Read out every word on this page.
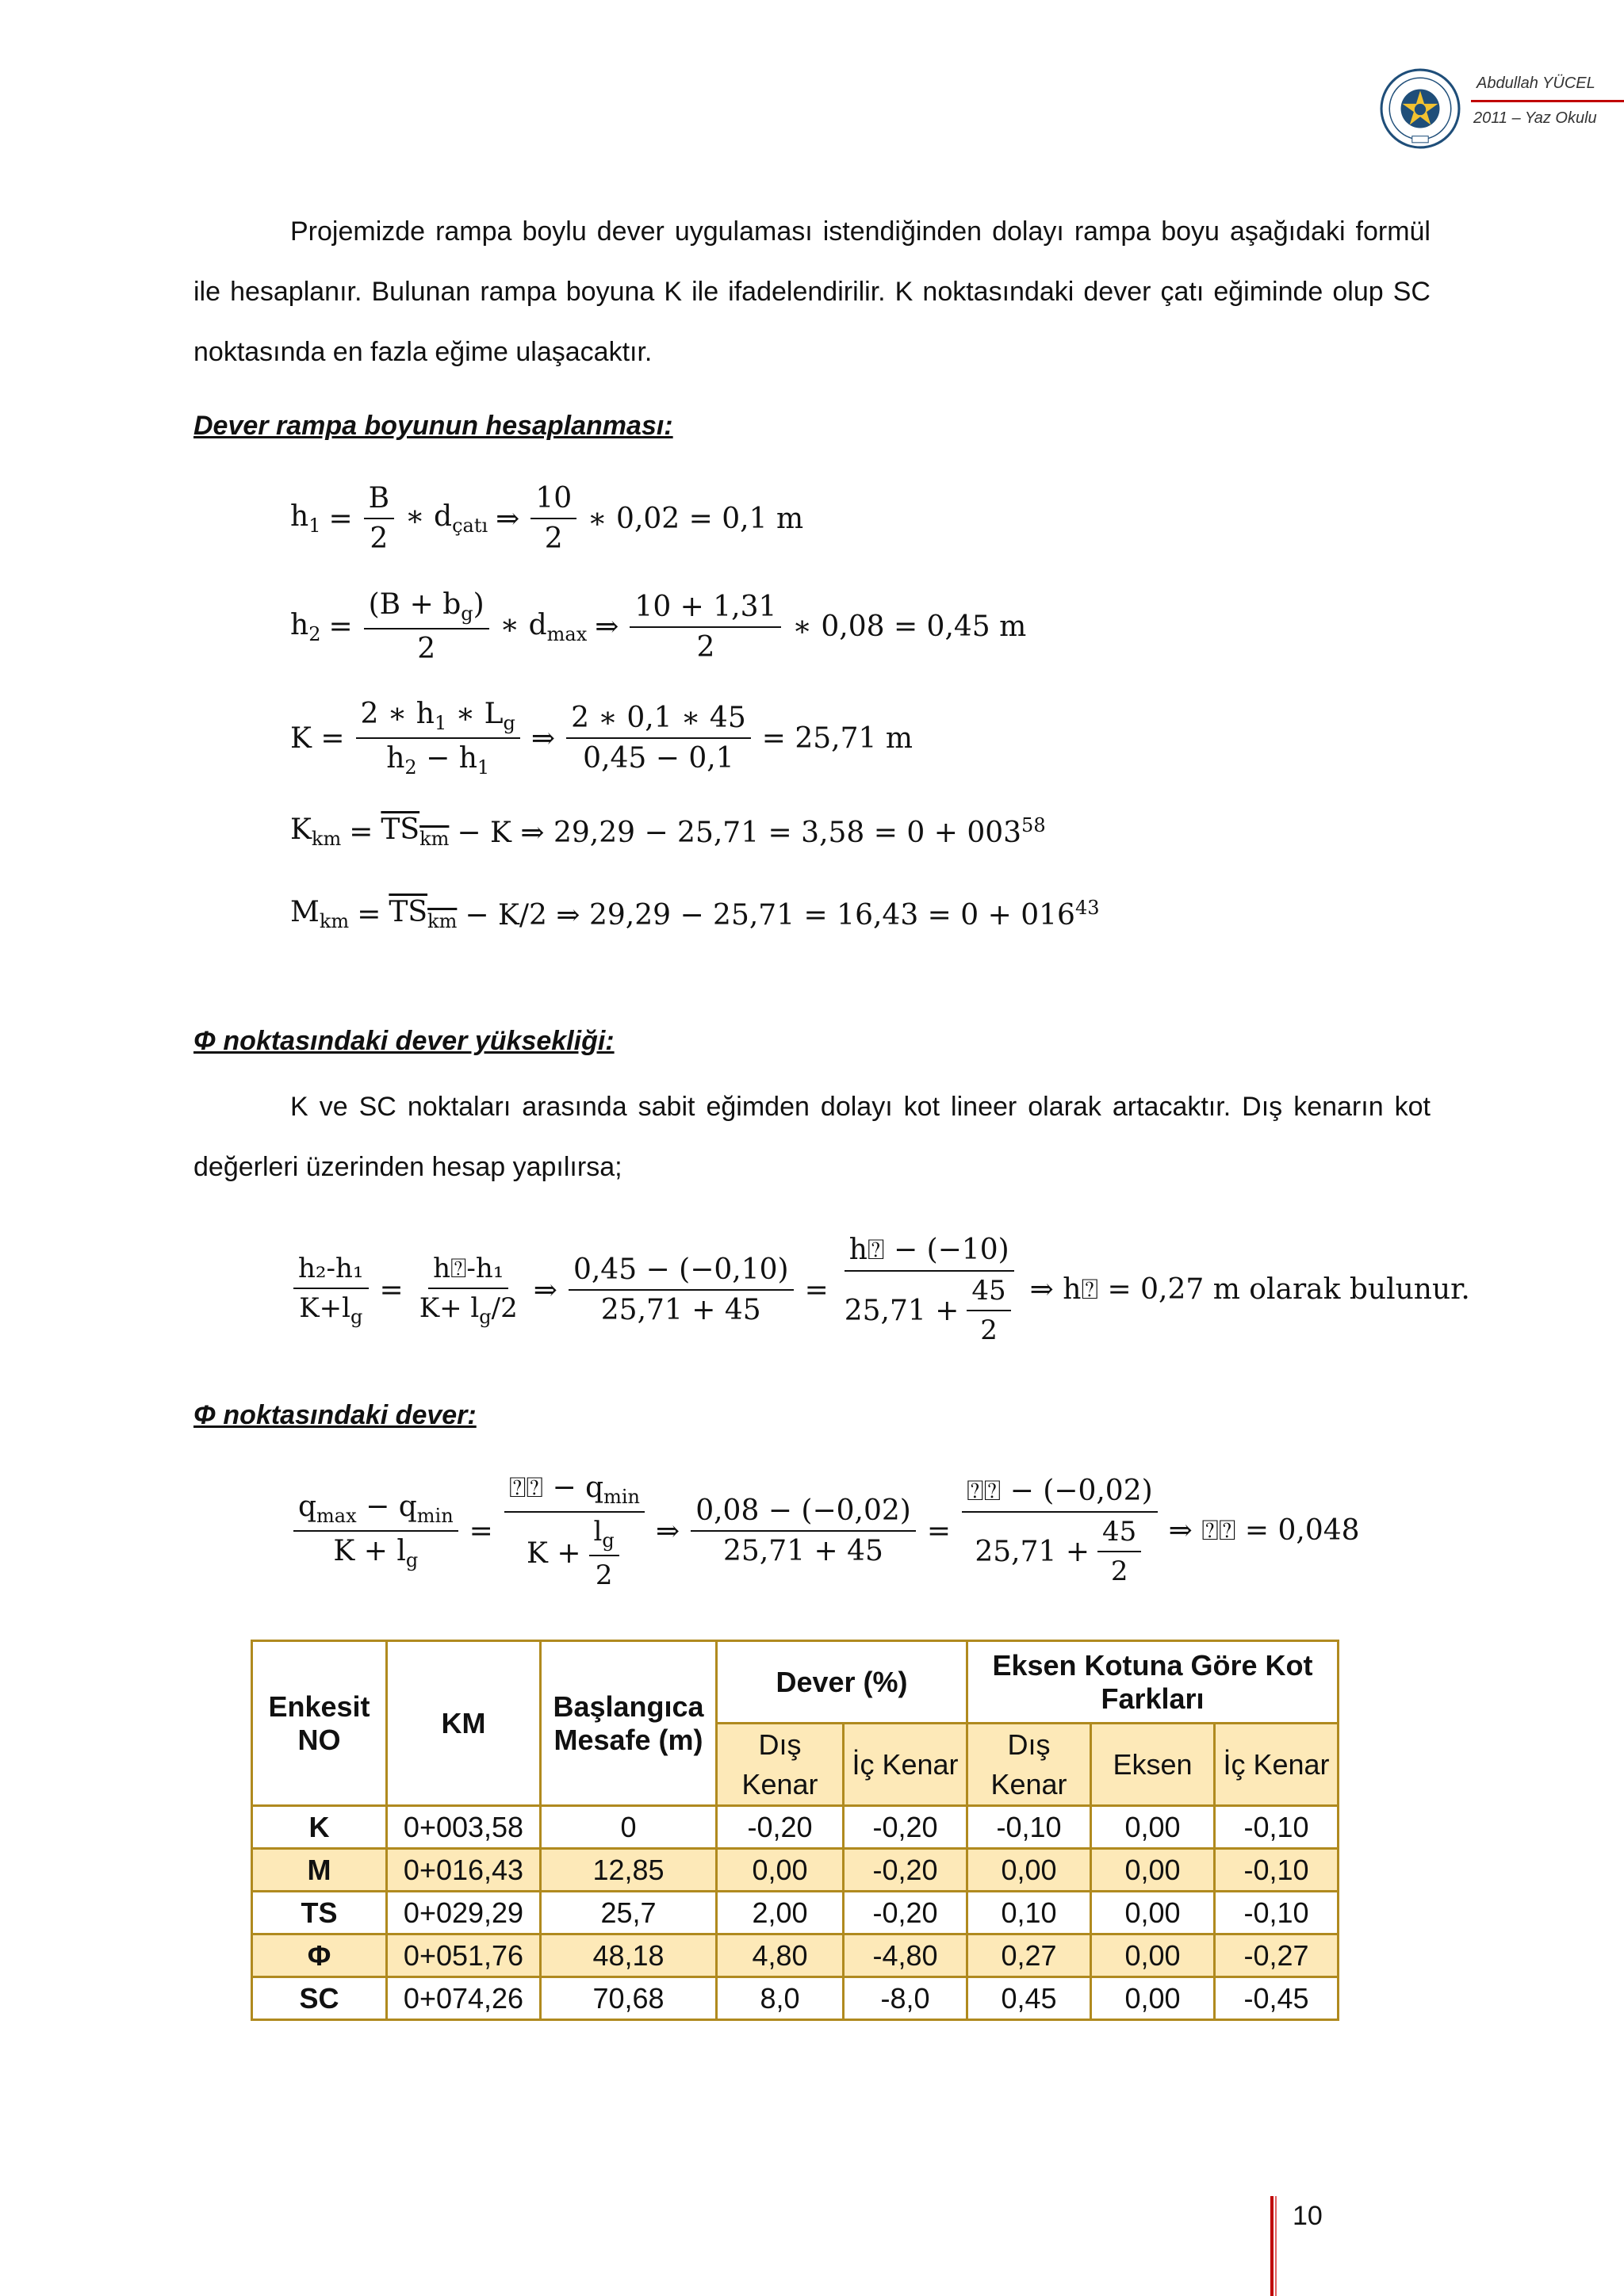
Abdullah YÜCEL
2011 – Yaz Okulu
Projemizde rampa boylu dever uygulaması istendiğinden dolayı rampa boyu aşağıdaki formül ile hesaplanır. Bulunan rampa boyuna K ile ifadelendirilir. K noktasındaki dever çatı eğiminde olup SC noktasında en fazla eğime ulaşacaktır.
Dever rampa boyunun hesaplanması:
$h_1 = \frac{B}{2}$ ∗ $d_{çatı}$ ⇒ $\frac{10}{2}$ ∗ 0,02 = 0,1 m
$h_2 = \frac{(B + b_g)}{2}$ ∗ $d_{max}$ ⇒ $\frac{10 + 1,31}{2}$ ∗ 0,08 = 0,45 m
$K = \frac{2 ∗ h_1 ∗ L_g}{h_2 - h_1}$ ⇒ $\frac{2 ∗ 0,1 ∗ 45}{0,45 - 0,1} = 25,71$ m
$K_{km} = TS_{km} - K$ ⇒ $29,29 - 25,71 = 3,58 = 0 + 003^{58}$
$M_{km} = TS_{km} - K/2$ ⇒ $29,29 - 25,71 = 16,43 = 0 + 016^{43}$
Φ noktasındaki dever yüksekliği:
K ve SC noktaları arasında sabit eğimden dolayı kot lineer olarak artacaktır. Dış kenarın kot değerleri üzerinden hesap yapılırsa;
$\frac{\text{h₂-h₁}}{K+l_g} = \frac{\text{h⍰-h₁}}{K+ l_g/2}$ ⇒ $\frac{0,45 - (-0,10)}{25,71 + 45} = \frac{h⍰ - (-10)}{25,71 + \frac{45}{2}}$ ⇒ h⍰ = 0,27 m olarak bulunur.
Φ noktasındaki dever:
$\frac{q_{max} - q_{min}}{K + l_g} = \frac{⍰⍰ - q_{min}}{K + \frac{l_g}{2}}$ ⇒ $\frac{0,08 - (-0,02)}{25,71 + 45} = \frac{⍰⍰ - (-0,02)}{25,71 + \frac{45}{2}}$ ⇒ ⍰⍰ = 0,048
Enkesit NO	KM	Başlangıca Mesafe (m)	Dever (%)		Eksen Kotuna Göre Kot Farkları		
			Dış Kenar	İç Kenar	Dış Kenar	Eksen	İç Kenar
K	0+003,58	0	-0,20	-0,20	-0,10	0,00	-0,10
M	0+016,43	12,85	0,00	-0,20	0,00	0,00	-0,10
TS	0+029,29	25,7	2,00	-0,20	0,10	0,00	-0,10
Φ	0+051,76	48,18	4,80	-4,80	0,27	0,00	-0,27
SC	0+074,26	70,68	8,0	-8,0	0,45	0,00	-0,45
10
